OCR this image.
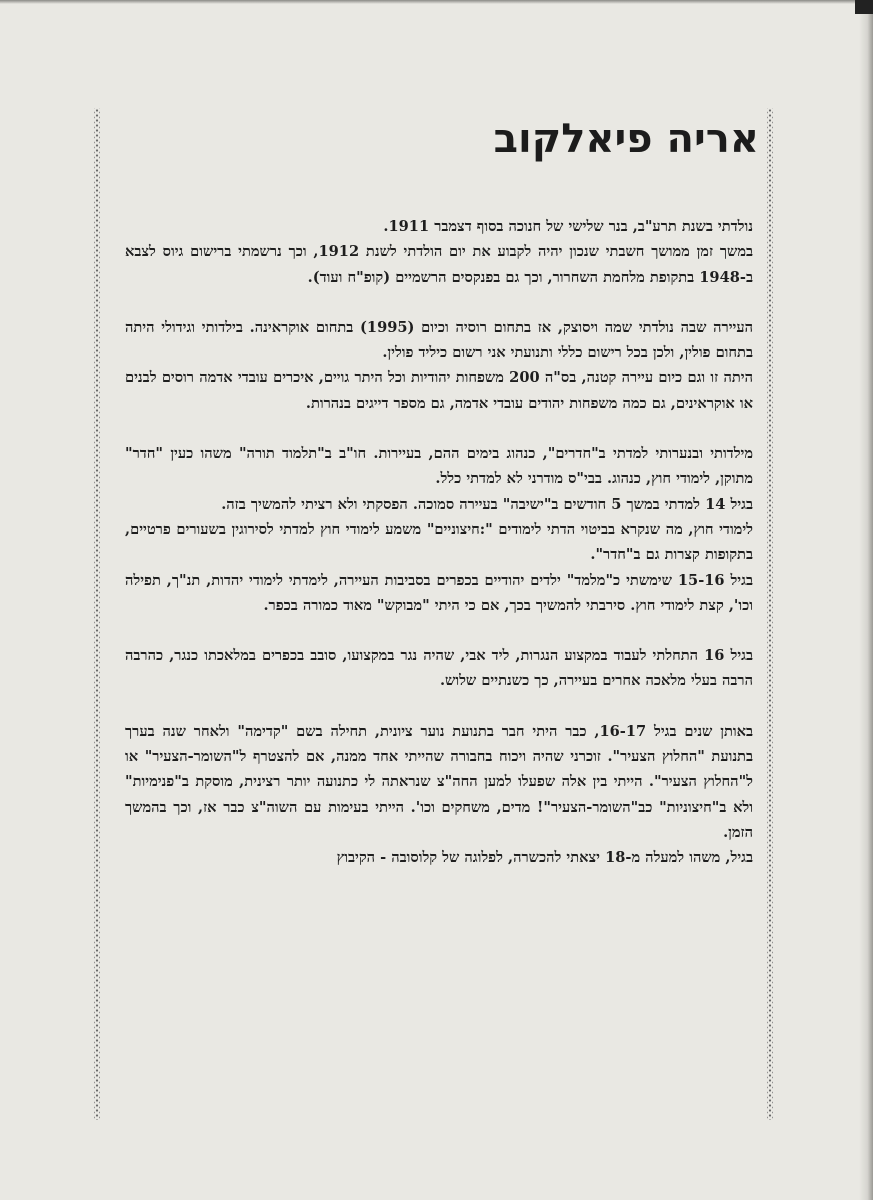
אריה פיאלקוב

נולדתי בשנת תרע"ב, בנר שלישי של חנוכה בסוף דצמבר 1911.

במשך זמן ממושך חשבתי שנכון יהיה לקבוע את יום הולדתי לשנת 1912, וכך נרשמתי ברישום גיוס לצבא ב-1948 בתקופת מלחמת השחרור, וכך גם בפנקסים הרשמיים (קופ"ח ועוד).

העיירה שבה נולדתי שמה ויסוצק, אז בתחום רוסיה וכיום (1995) בתחום אוקראינה. בילדותי וגידולי היתה בתחום פולין, ולכן בכל רישום כללי ותנועתי אני רשום כיליד פולין.

היתה זו וגם כיום עיירה קטנה, בס"ה 200 משפחות יהודיות וכל היתר גויים, איכרים עובדי אדמה רוסים לבנים או אוקראינים, גם כמה משפחות יהודים עובדי אדמה, גם מספר דייגים בנהרות.

מילדותי ובנערותי למדתי ב"חדרים", כנהוג בימים ההם, בעיירות. חו"ב ב"תלמוד תורה" משהו כעין "חדר" מתוקן, לימודי חוץ, כנהוג. בבי"ס מודרני לא למדתי כלל.

בגיל 14 למדתי במשך 5 חודשים ב"ישיבה" בעיירה סמוכה. הפסקתי ולא רציתי להמשיך בזה.

לימודי חוץ, מה שנקרא בביטוי הדתי לימודים ":חיצוניים" משמע לימודי חוץ למדתי לסירוגין בשעורים פרטיים, בתקופות קצרות גם ב"חדר".

בגיל 15-16 שימשתי כ"מלמד" ילדים יהודיים בכפרים בסביבות העיירה, לימדתי לימודי יהדות, תנ"ך, תפילה וכו', קצת לימודי חוץ. סירבתי להמשיך בכך, אם כי היתי "מבוקש" מאוד כמורה בכפר.

בגיל 16 התחלתי לעבוד במקצוע הנגרות, ליד אבי, שהיה נגר במקצועו, סובב בכפרים במלאכתו כנגר, כהרבה הרבה בעלי מלאכה אחרים בעיירה, כך כשנתיים שלוש.

באותן שנים בגיל 16-17, כבר היתי חבר בתנועת נוער ציונית, תחילה בשם "קדימה" ולאחר שנה בערך בתנועת "החלוץ הצעיר". זוכרני שהיה ויכוח בחבורה שהייתי אחד ממנה, אם להצטרף ל"השומר-הצעיר" או ל"החלוץ הצעיר". הייתי בין אלה שפעלו למען החה"צ שנראתה לי כתנועה יותר רצינית, מוסקת ב"פנימיות" ולא ב"חיצוניות" כב"השומר-הצעיר"! מדים, משחקים וכו'. הייתי בעימות עם השוה"צ כבר אז, וכך בהמשך הזמן.

בגיל, משהו למעלה מ-18 יצאתי להכשרה, לפלוגה של קלוסובה - הקיבוץ
